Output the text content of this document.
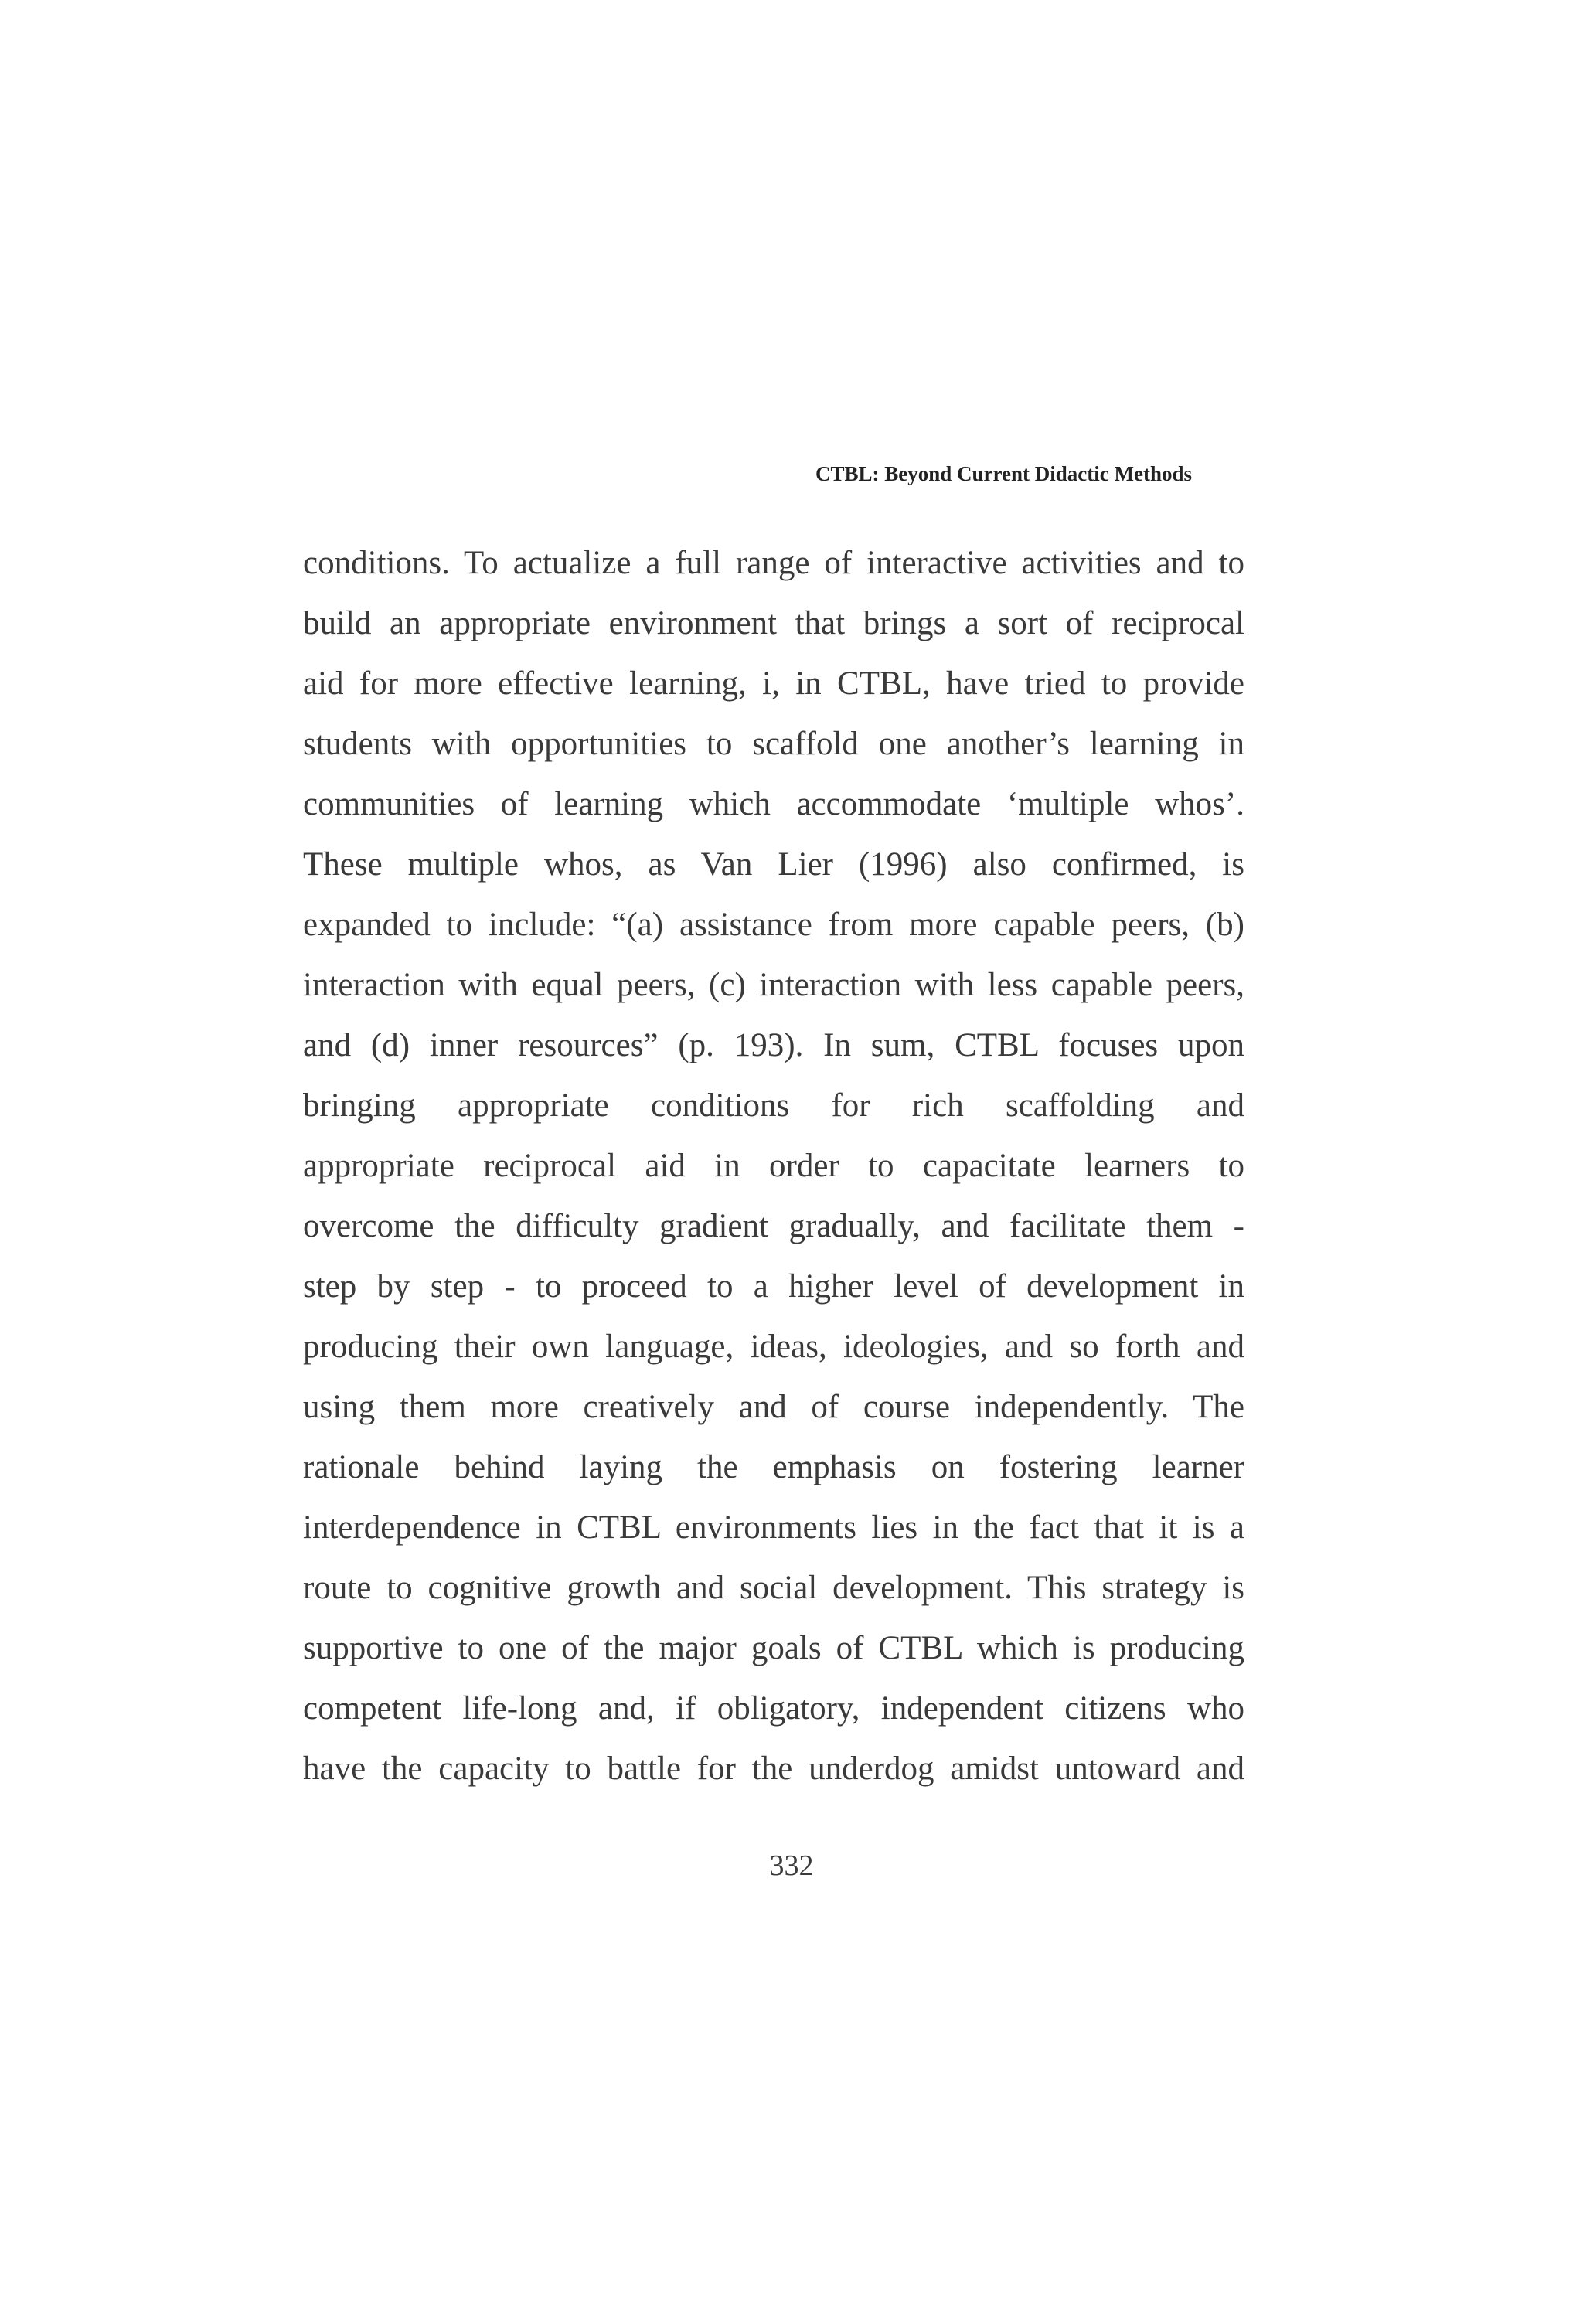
CTBL: Beyond Current Didactic Methods
conditions. To actualize a full range of interactive activities and to
build an appropriate environment that brings a sort of reciprocal
aid for more effective learning, i, in CTBL, have tried to provide
students with opportunities to scaffold one another’s learning in
communities of learning which accommodate ‘multiple whos’.
These multiple whos, as Van Lier (1996) also confirmed, is
expanded to include: “(a) assistance from more capable peers, (b)
interaction with equal peers, (c) interaction with less capable peers,
and (d) inner resources” (p. 193). In sum, CTBL focuses upon
bringing appropriate conditions for rich scaffolding and
appropriate reciprocal aid in order to capacitate learners to
overcome the difficulty gradient gradually, and facilitate them -
step by step - to proceed to a higher level of development in
producing their own language, ideas, ideologies, and so forth and
using them more creatively and of course independently. The
rationale behind laying the emphasis on fostering learner
interdependence in CTBL environments lies in the fact that it is a
route to cognitive growth and social development. This strategy is
supportive to one of the major goals of CTBL which is producing
competent life-long and, if obligatory, independent citizens who
have the capacity to battle for the underdog amidst untoward and
332
